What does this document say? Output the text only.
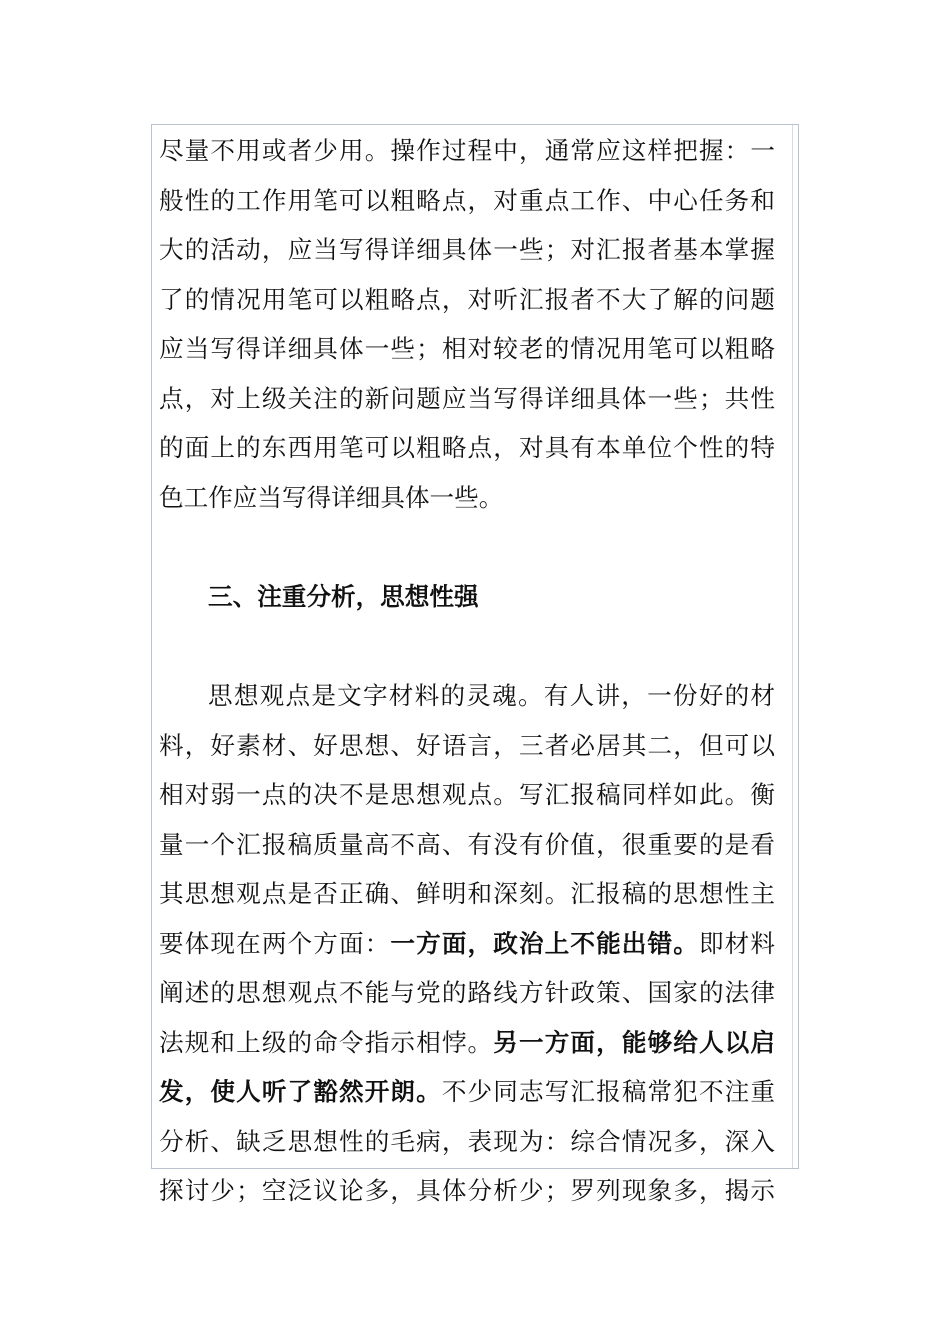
尽量不用或者少用。操作过程中，通常应这样把握：一
般性的工作用笔可以粗略点，对重点工作、中心任务和
大的活动，应当写得详细具体一些；对汇报者基本掌握
了的情况用笔可以粗略点，对听汇报者不大了解的问题
应当写得详细具体一些；相对较老的情况用笔可以粗略
点，对上级关注的新问题应当写得详细具体一些；共性
的面上的东西用笔可以粗略点，对具有本单位个性的特
色工作应当写得详细具体一些。
三、注重分析，思想性强
思想观点是文字材料的灵魂。有人讲，一份好的材
料，好素材、好思想、好语言，三者必居其二，但可以
相对弱一点的决不是思想观点。写汇报稿同样如此。衡
量一个汇报稿质量高不高、有没有价值，很重要的是看
其思想观点是否正确、鲜明和深刻。汇报稿的思想性主
要体现在两个方面：一方面，政治上不能出错。即材料
阐述的思想观点不能与党的路线方针政策、国家的法律
法规和上级的命令指示相悖。另一方面，能够给人以启
发，使人听了豁然开朗。不少同志写汇报稿常犯不注重
分析、缺乏思想性的毛病，表现为：综合情况多，深入
探讨少；空泛议论多，具体分析少；罗列现象多，揭示
